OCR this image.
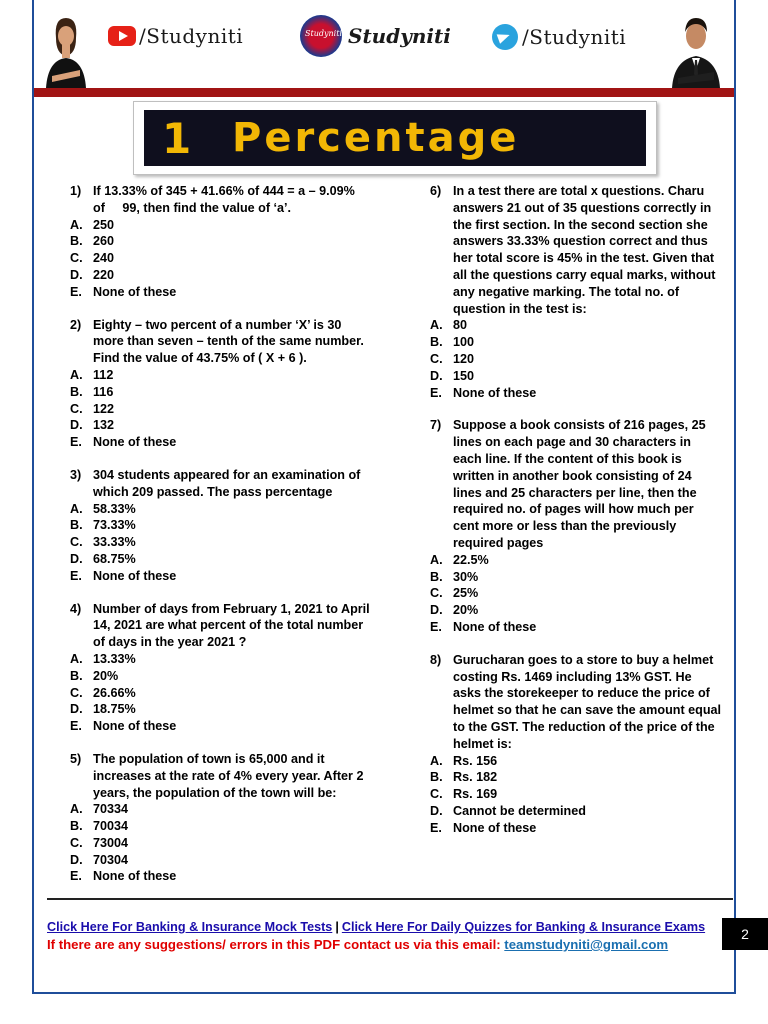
/Studyniti	Studyniti Studyniti	/Studyniti
1	Percentage
1) If 13.33% of 345 + 41.66% of 444 = a – 9.09% of     99, then find the value of ‘a’.
A. 250
B. 260
C. 240
D. 220
E. None of these
2) Eighty – two percent of a number ‘X’ is 30 more than seven – tenth of the same number. Find the value of 43.75% of ( X + 6 ).
A. 112
B. 116
C. 122
D. 132
E. None of these
3) 304 students appeared for an examination of which 209 passed. The pass percentage
A. 58.33%
B. 73.33%
C. 33.33%
D. 68.75%
E. None of these
4) Number of days from February 1, 2021 to April 14, 2021 are what percent of the total number of days in the year 2021 ?
A. 13.33%
B. 20%
C. 26.66%
D. 18.75%
E. None of these
5) The population of town is 65,000 and it increases at the rate of 4% every year. After 2 years, the population of the town will be:
A. 70334
B. 70034
C. 73004
D. 70304
E. None of these
6) In a test there are total x questions. Charu answers 21 out of 35 questions correctly in the first section. In the second section she answers 33.33% question correct and thus her total score is 45% in the test. Given that all the questions carry equal marks, without any negative marking. The total no. of question in the test is:
A. 80
B. 100
C. 120
D. 150
E. None of these
7) Suppose a book consists of 216 pages, 25 lines on each page and 30 characters in each line. If the content of this book is written in another book consisting of 24 lines and 25 characters per line, then the required no. of pages will how much per cent more or less than the previously required pages
A. 22.5%
B. 30%
C. 25%
D. 20%
E. None of these
8) Gurucharan goes to a store to buy a helmet costing Rs. 1469 including 13% GST. He asks the storekeeper to reduce the price of helmet so that he can save the amount equal to the GST. The reduction of the price of the helmet is:
A. Rs. 156
B. Rs. 182
C. Rs. 169
D. Cannot be determined
E. None of these
Click Here For Banking & Insurance Mock Tests | Click Here For Daily Quizzes for Banking & Insurance Exams
If there are any suggestions/ errors in this PDF contact us via this email: teamstudyniti@gmail.com
2
